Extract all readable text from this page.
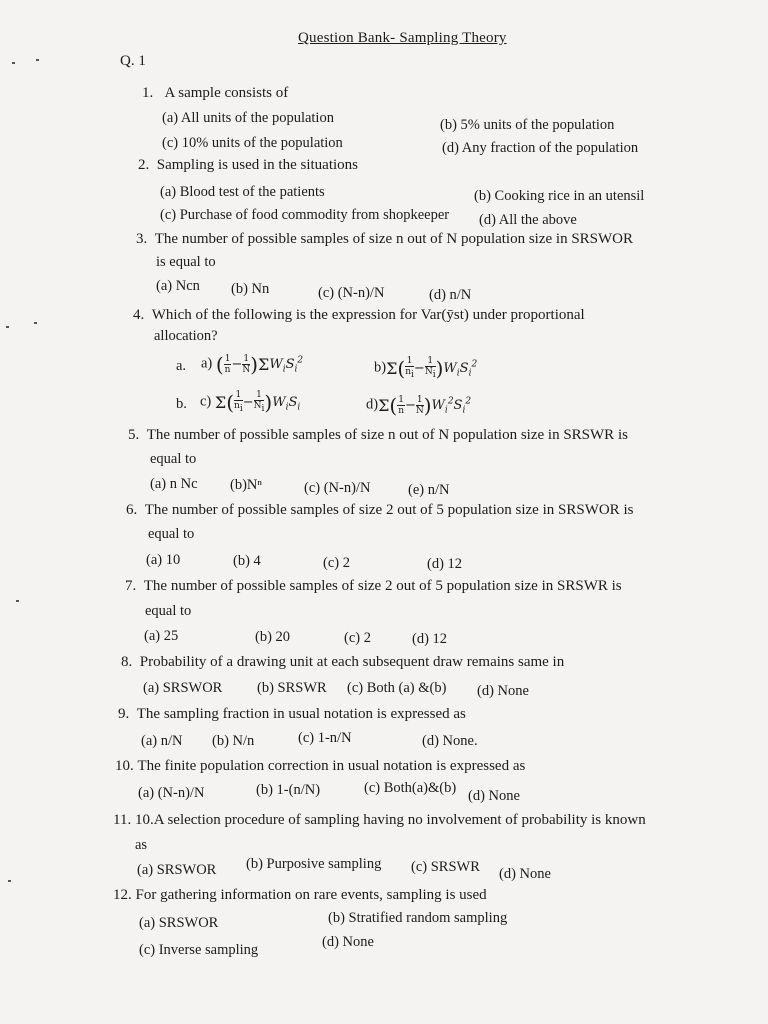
Question Bank- Sampling Theory
Q. 1
1. A sample consists of
(a) All units of the population	(b) 5% units of the population
(c) 10% units of the population	(d) Any fraction of the population
2. Sampling is used in the situations
(a) Blood test of the patients	(b) Cooking rice in an utensil
(c) Purchase of food commodity from shopkeeper (d) All the above
3. The number of possible samples of size n out of N population size in SRSWOR
is equal to
(a) Ncn (b) Nn	(c) (N-n)/N	(d) n/N
4. Which of the following is the expression for Var(ȳst) under proportional
allocation?
a. a) ( $\frac{1}{n} - \frac{1}{N} )\Sigma W_iS_i^2$	$b)\Sigma( \frac{1}{n_i} - \frac{1}{N_i} )W_iS_i^2$
b. c) $\Sigma( \frac{1}{n_i} - \frac{1}{N_i} )W_iS_i$	$d)\Sigma( \frac{1}{n} - \frac{1}{N} )W_i^2S_i^2$
5. The number of possible samples of size n out of N population size in SRSWR is
equal to
(a) n Nc (b)Nⁿ	(c) (N-n)/N	(e) n/N
6. The number of possible samples of size 2 out of 5 population size in SRSWOR is
equal to
(a) 10	(b) 4	(c) 2	(d) 12
7. The number of possible samples of size 2 out of 5 population size in SRSWR is
equal to
(a) 25	(b) 20	(c) 2	(d) 12
8. Probability of a drawing unit at each subsequent draw remains same in
(a) SRSWOR (b) SRSWR (c) Both (a) &(b) (d) None
9. The sampling fraction in usual notation is expressed as
(a) n/N (b) N/n	(c) 1-n/N	(d) None.
10. The finite population correction in usual notation is expressed as
(a) (N-n)/N	(b) 1-(n/N)	(c) Both(a)&(b) (d) None
11. 10.A selection procedure of sampling having no involvement of probability is known
as
(a) SRSWOR (b) Purposive sampling (c) SRSWR (d) None
12. For gathering information on rare events, sampling is used
(a) SRSWOR	(b) Stratified random sampling
(c) Inverse sampling	(d) None
